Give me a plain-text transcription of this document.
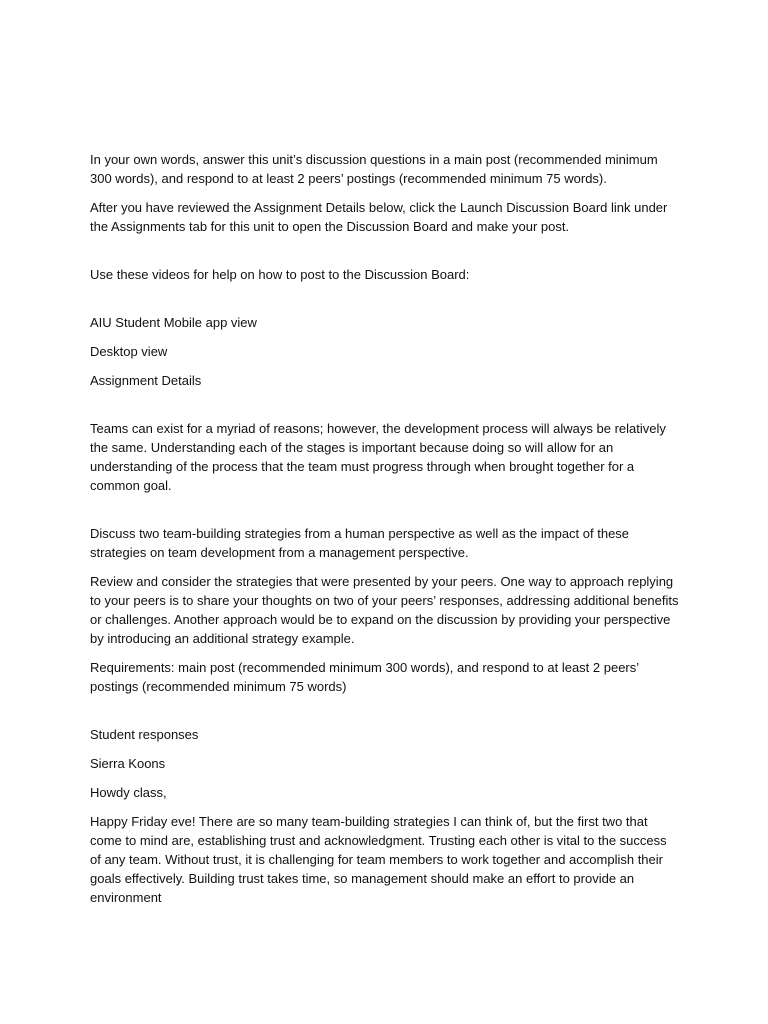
In your own words, answer this unit’s discussion questions in a main post (recommended minimum 300 words), and respond to at least 2 peers’ postings (recommended minimum 75 words).

After you have reviewed the Assignment Details below, click the Launch Discussion Board link under the Assignments tab for this unit to open the Discussion Board and make your post.

Use these videos for help on how to post to the Discussion Board:

AIU Student Mobile app view

Desktop view

Assignment Details

Teams can exist for a myriad of reasons; however, the development process will always be relatively the same. Understanding each of the stages is important because doing so will allow for an understanding of the process that the team must progress through when brought together for a common goal.

Discuss two team-building strategies from a human perspective as well as the impact of these strategies on team development from a management perspective.

Review and consider the strategies that were presented by your peers. One way to approach replying to your peers is to share your thoughts on two of your peers’ responses, addressing additional benefits or challenges. Another approach would be to expand on the discussion by providing your perspective by introducing an additional strategy example.

Requirements: main post (recommended minimum 300 words), and respond to at least 2 peers’ postings (recommended minimum 75 words)

Student responses

Sierra Koons

Howdy class,

Happy Friday eve! There are so many team-building strategies I can think of, but the first two that come to mind are, establishing trust and acknowledgment. Trusting each other is vital to the success of any team. Without trust, it is challenging for team members to work together and accomplish their goals effectively. Building trust takes time, so management should make an effort to provide an environment
